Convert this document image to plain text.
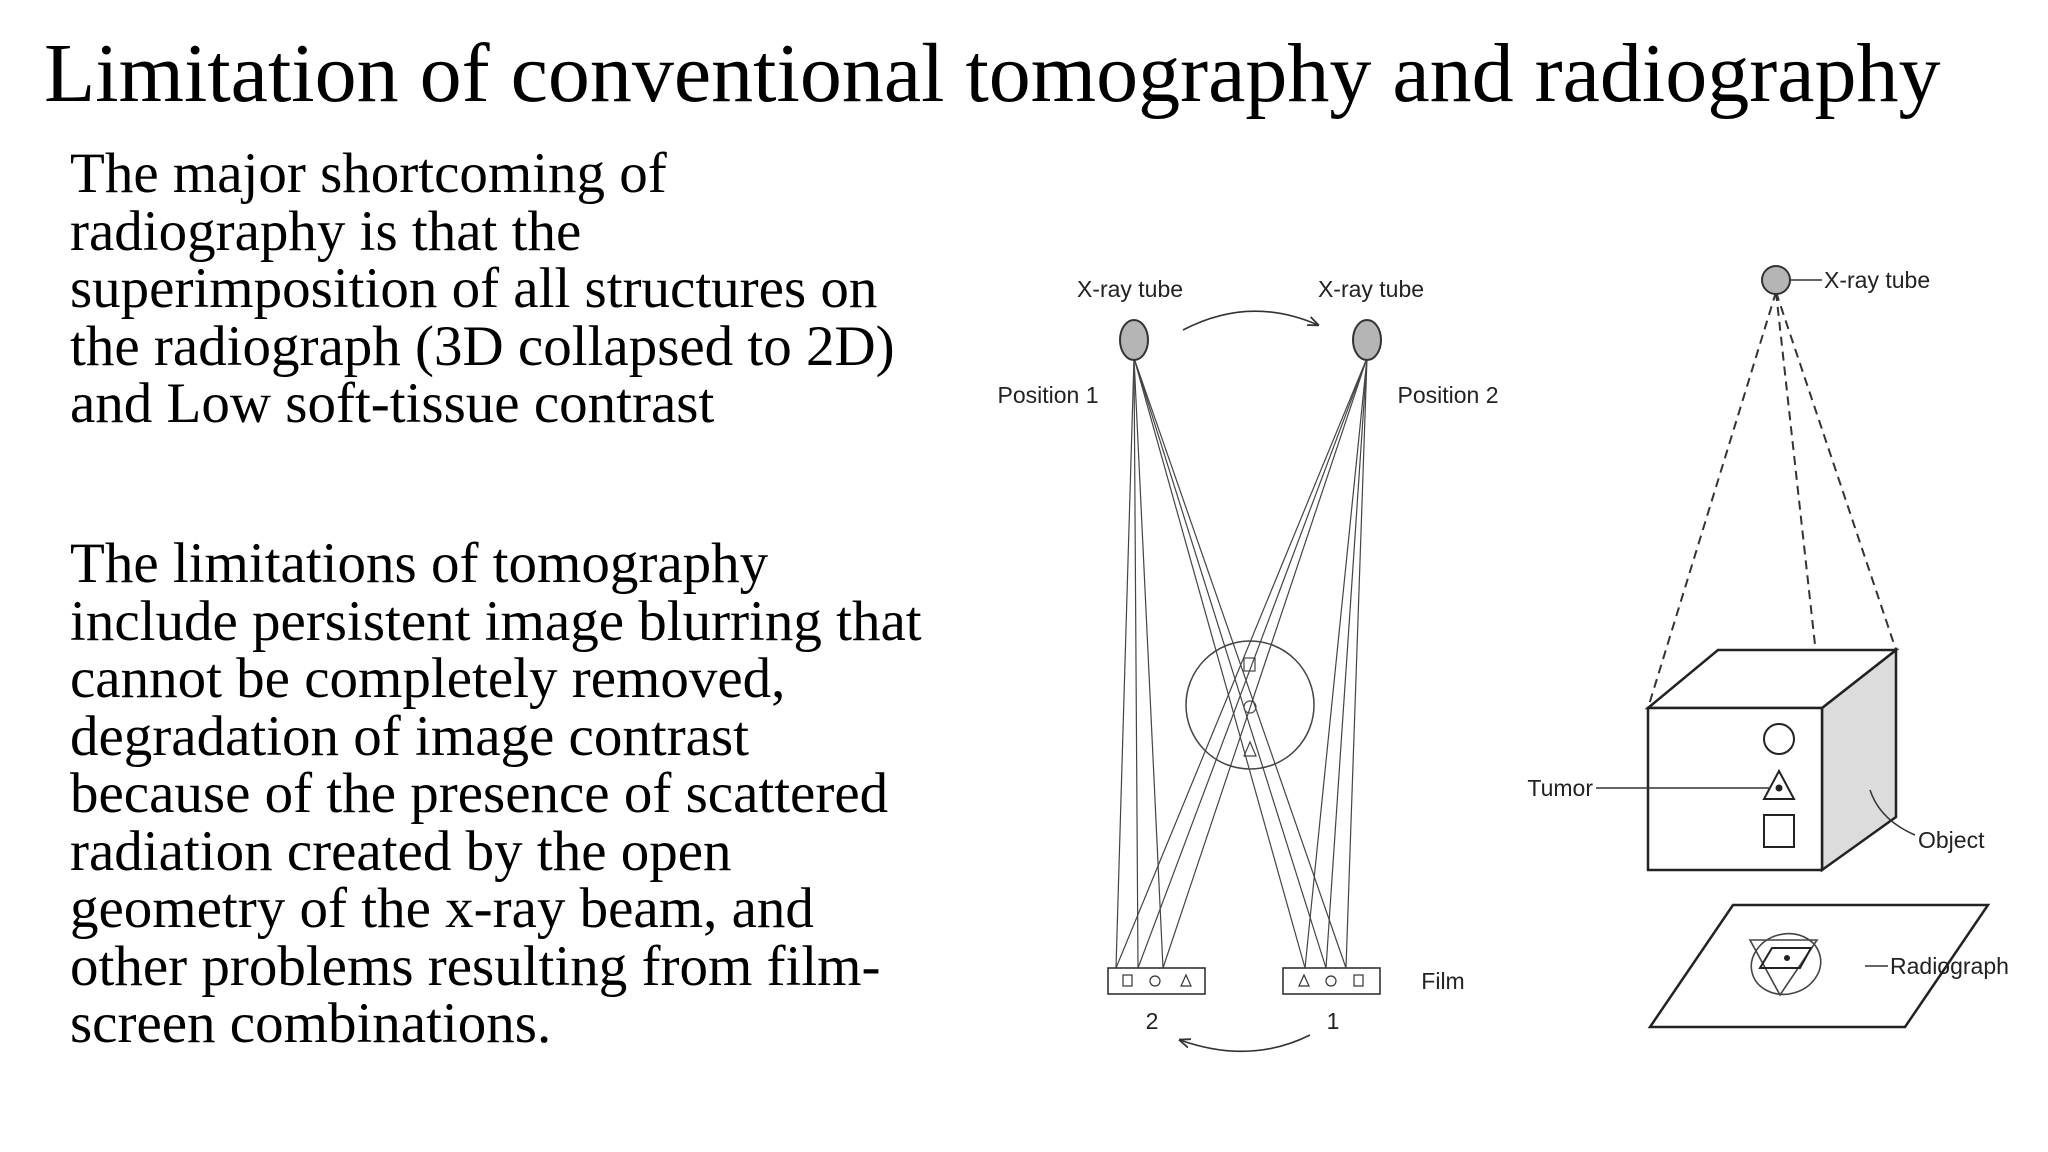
Limitation of conventional tomography and radiography
The major shortcoming of
radiography is that the
superimposition of all structures on
the radiograph (3D collapsed to 2D)
and Low soft-tissue contrast
The limitations of tomography
include persistent image blurring that
cannot be completely removed,
degradation of image contrast
because of the presence of scattered
radiation created by the open
geometry of the x-ray beam, and
other problems resulting from film-
screen combinations.
X-ray tube	X-ray tube
Position 1	Position 2
2	1
Film
X-ray tube
Tumor
Object
Radiograph
